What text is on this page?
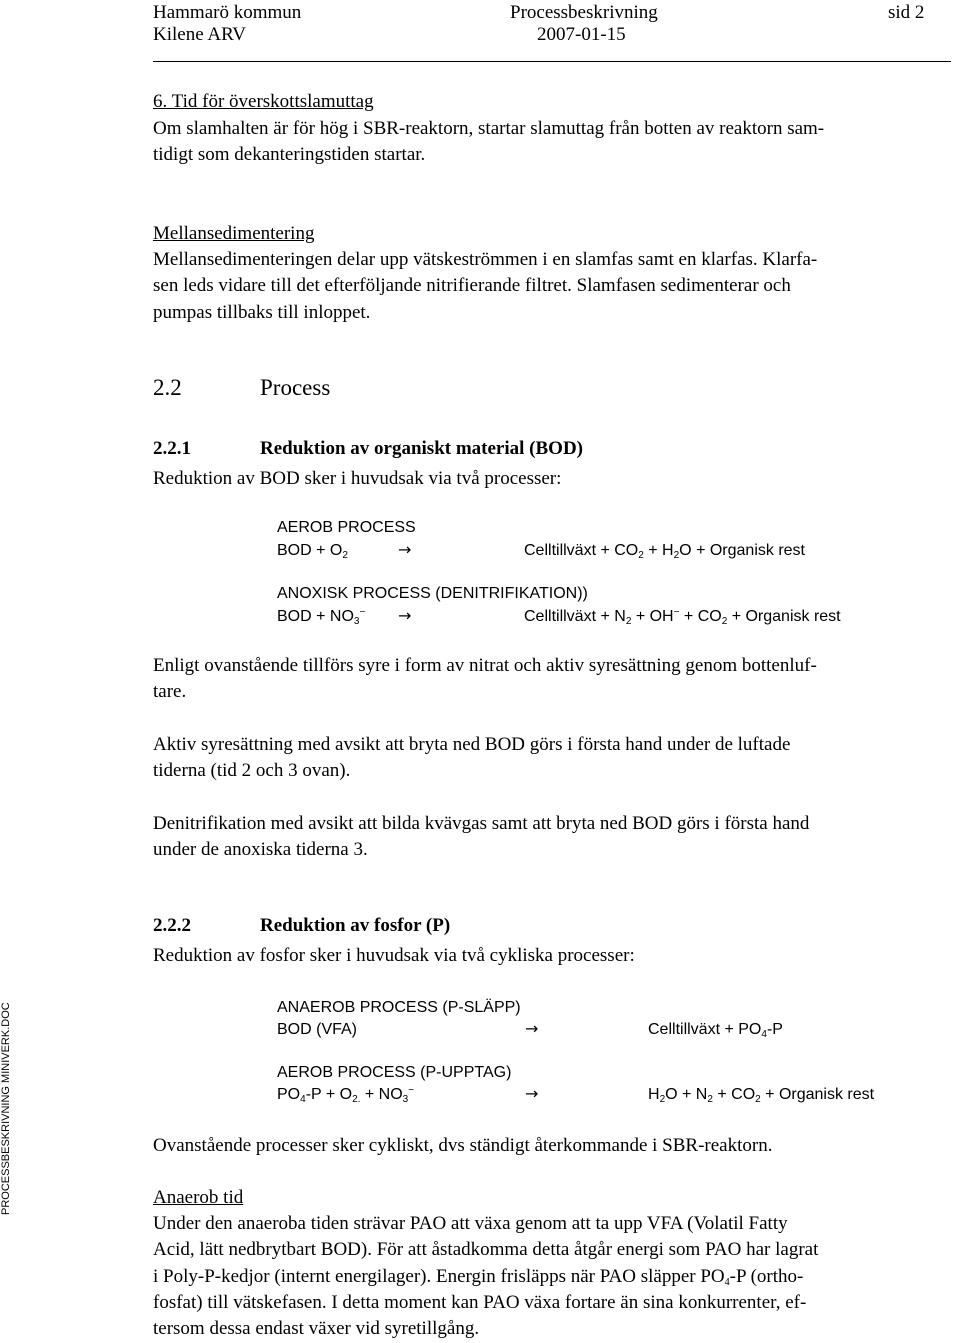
Hammarö kommun	Processbeskrivning	sid 2
Kilene ARV	2007-01-15
6. Tid för överskottslamuttag
Om slamhalten är för hög i SBR-reaktorn, startar slamuttag från botten av reaktorn sam-
tidigt som dekanteringstiden startar.
Mellansedimentering
Mellansedimenteringen delar upp vätskeströmmen i en slamfas samt en klarfas. Klarfa-
sen leds vidare till det efterföljande nitrifierande filtret. Slamfasen sedimenterar och
pumpas tillbaks till inloppet.
2.2	Process
2.2.1	Reduktion av organiskt material (BOD)
Reduktion av BOD sker i huvudsak via två processer:
AEROB PROCESS
BOD + $O_2$	→	Celltillväxt + $CO_2 + H_2O$ + Organisk rest
ANOXISK PROCESS (DENITRIFIKATION))
BOD + $NO_3^-$ →	Celltillväxt + $N_2 + OH^- + CO_2$ + Organisk rest
Enligt ovanstående tillförs syre i form av nitrat och aktiv syresättning genom bottenluf-
tare.
Aktiv syresättning med avsikt att bryta ned BOD görs i första hand under de luftade
tiderna (tid 2 och 3 ovan).
Denitrifikation med avsikt att bilda kvävgas samt att bryta ned BOD görs i första hand
under de anoxiska tiderna 3.
2.2.2	Reduktion av fosfor (P)
Reduktion av fosfor sker i huvudsak via två cykliska processer:
ANAEROB PROCESS (P-SLÄPP)
BOD (VFA)	→	Celltillväxt + $PO_4-P$
AEROB PROCESS (P-UPPTAG)
$PO_4-P + O_{2.} + NO_3^-$	→	$H_2O + N_2 + CO_2$ + Organisk rest
Ovanstående processer sker cykliskt, dvs ständigt återkommande i SBR-reaktorn.
Anaerob tid
Under den anaeroba tiden strävar PAO att växa genom att ta upp VFA (Volatil Fatty
Acid, lätt nedbrytbart BOD). För att åstadkomma detta åtgår energi som PAO har lagrat
i Poly-P-kedjor (internt energilager). Energin frisläpps när PAO släpper $PO_4-P$ (ortho-
fosfat) till vätskefasen. I detta moment kan PAO växa fortare än sina konkurrenter, ef-
tersom dessa endast växer vid syretillgång.
PROCESSBESKRIVNING MINIVERK.DOC
